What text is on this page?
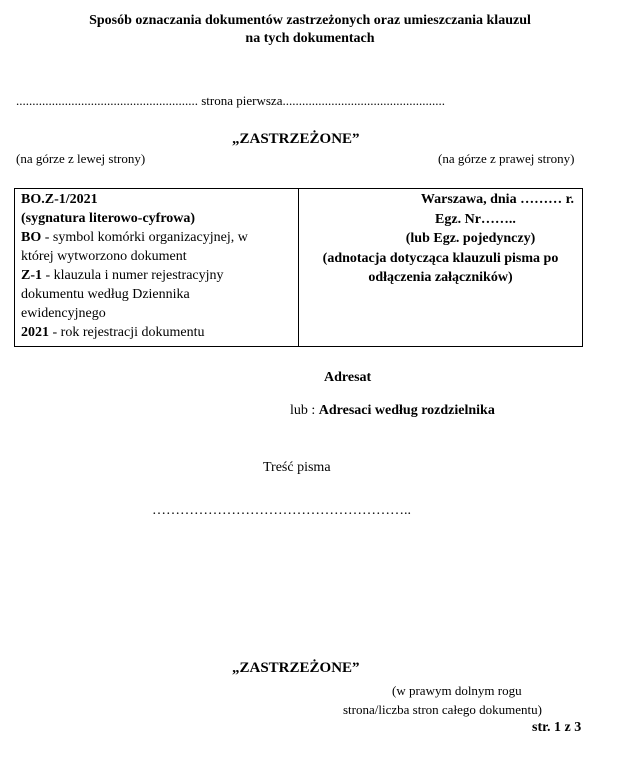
Sposób oznaczania dokumentów zastrzeżonych oraz umieszczania klauzul
na tych dokumentach
........................................................ strona pierwsza..................................................
„ZASTRZEŻONE”
(na górze z lewej strony)	(na górze z prawej strony)
BO.Z-1/2021
(sygnatura literowo-cyfrowa)
BO - symbol komórki organizacyjnej, w
której wytworzono dokument
Z-1 - klauzula i numer rejestracyjny
dokumentu według Dziennika
ewidencyjnego
2021 - rok rejestracji dokumentu
Warszawa, dnia ……… r.
Egz. Nr……..
(lub Egz. pojedynczy)
(adnotacja dotycząca klauzuli pisma po
odłączenia załączników)
Adresat
lub : Adresaci według rozdzielnika
Treść pisma
………………………………………………..
„ZASTRZEŻONE”
(w prawym dolnym rogu
strona/liczba stron całego dokumentu)
str. 1 z 3
